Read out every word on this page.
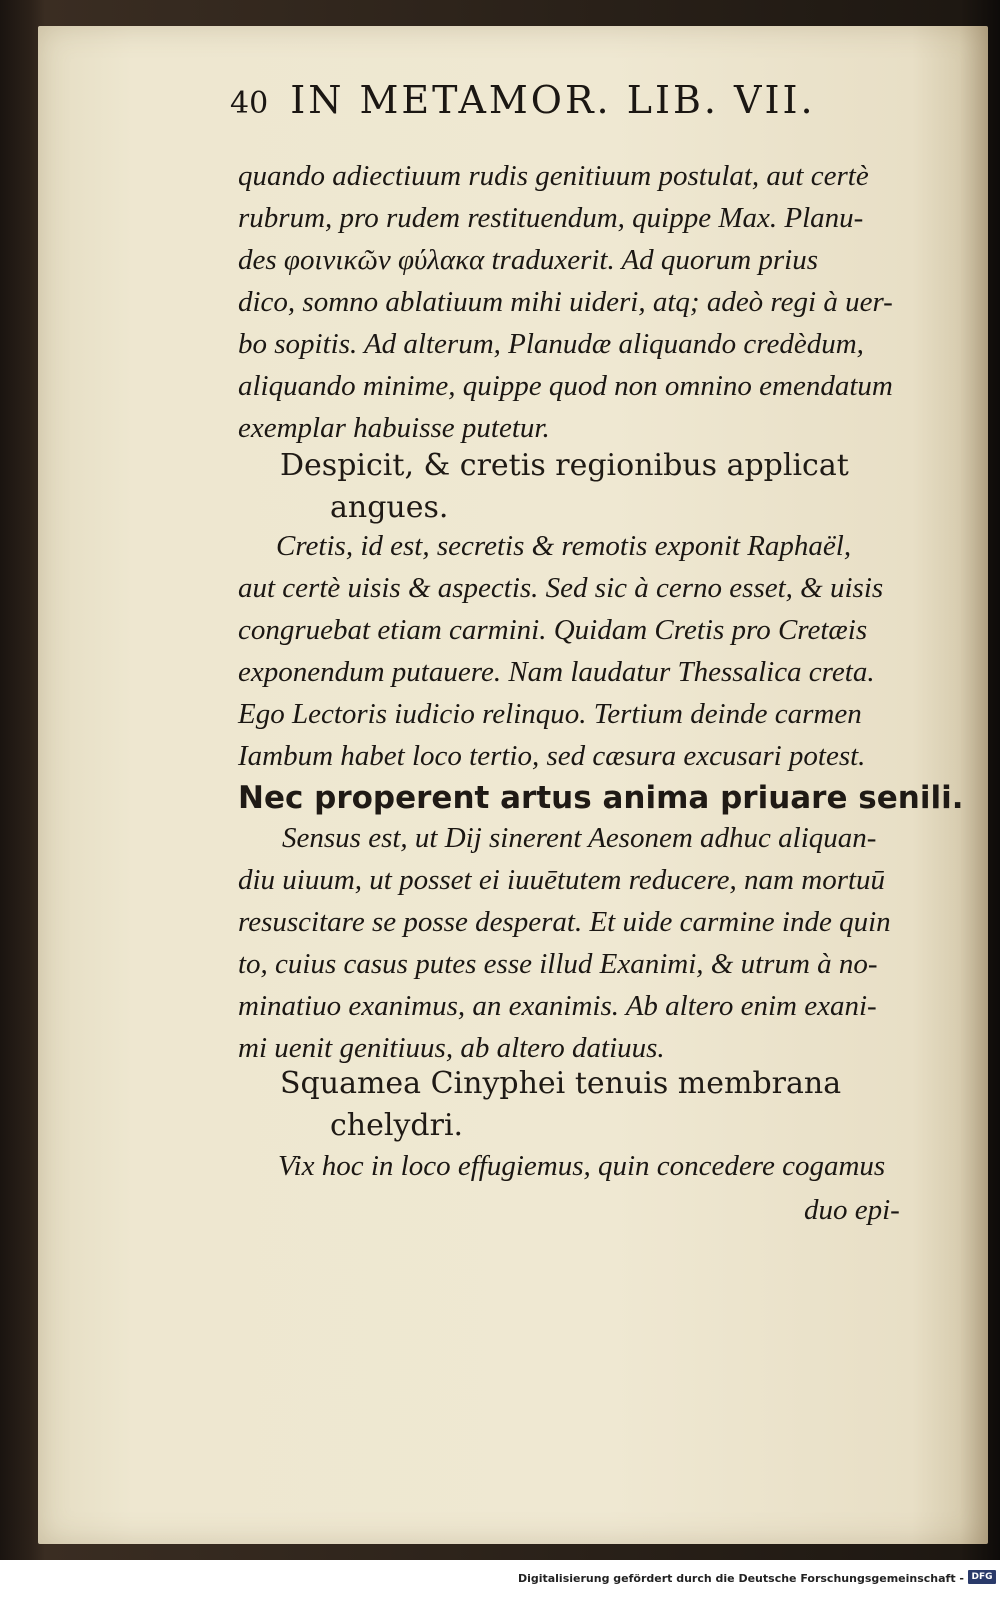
40 IN METAMOR. LIB. VII.
quando adiectiuum rudis genitiuum postulat, aut certè
rubrum, pro rudem restituendum, quippe Max. Planu-
des φοινικῶν φύλακα traduxerit. Ad quorum prius
dico, somno ablatiuum mihi uideri, atq; adeò regi à uer-
bo sopitis. Ad alterum, Planudæ aliquando credèdum,
aliquando minime, quippe quod non omnino emendatum
exemplar habuisse putetur.
Despicit, & cretis regionibus applicat
angues.
Cretis, id est, secretis & remotis exponit Raphaël,
aut certè uisis & aspectis. Sed sic à cerno esset, & uisis
congruebat etiam carmini. Quidam Cretis pro Cretæis
exponendum putauere. Nam laudatur Thessalica creta.
Ego Lectoris iudicio relinquo. Tertium deinde carmen
Iambum habet loco tertio, sed cæsura excusari potest.
Nec properent artus anima priuare senili.
Sensus est, ut Dij sinerent Aesonem adhuc aliquan-
diu uiuum, ut posset ei iuuētutem reducere, nam mortuū
resuscitare se posse desperat. Et uide carmine inde quin
to, cuius casus putes esse illud Exanimi, & utrum à no-
minatiuo exanimus, an exanimis. Ab altero enim exani-
mi uenit genitiuus, ab altero datiuus.
Squamea Cinyphei tenuis membrana
chelydri.
Vix hoc in loco effugiemus, quin concedere cogamus
duo epi-
Digitalisierung gefördert durch die Deutsche Forschungsgemeinschaft - DFG
